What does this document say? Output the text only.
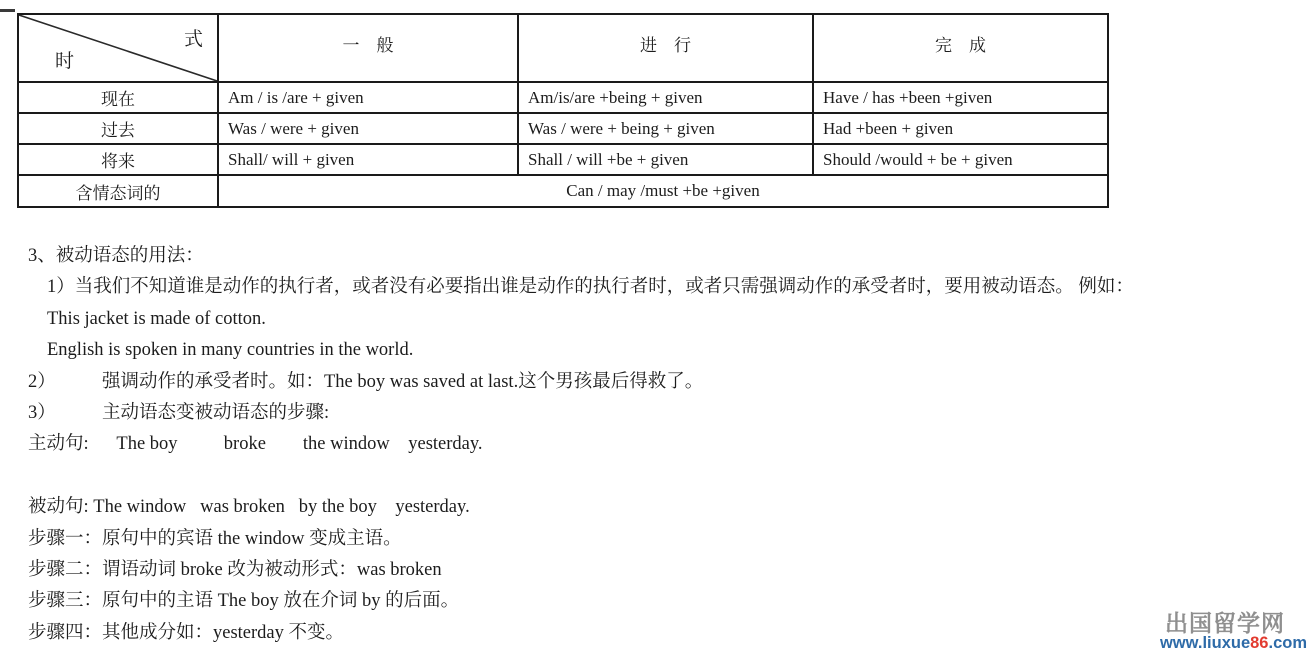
式
时	一　般	进　行	完　成
现在	Am / is /are + given	Am/is/are +being + given	Have / has +been +given
过去	Was / were + given	Was / were + being + given	Had +been + given
将来	Shall/ will + given	Shall / will +be + given	Should /would + be + given
含情态词的	Can / may /must +be +given		
3、被动语态的用法：
1）当我们不知道谁是动作的执行者，或者没有必要指出谁是动作的执行者时，或者只需强调动作的承受者时，要用被动语态。 例如：
This jacket is made of cotton.
English is spoken in many countries in the world.
2）          强调动作的承受者时。如：The boy was saved at last.这个男孩最后得救了。
3）          主动语态变被动语态的步骤:
主动句:      The boy          broke        the window    yesterday.
被动句: The window   was broken   by the boy    yesterday.
步骤一：原句中的宾语 the window 变成主语。
步骤二：谓语动词 broke 改为被动形式：was broken
步骤三：原句中的主语 The boy 放在介词 by 的后面。
步骤四：其他成分如：yesterday 不变。	出国留学网
www.liuxue86.com
